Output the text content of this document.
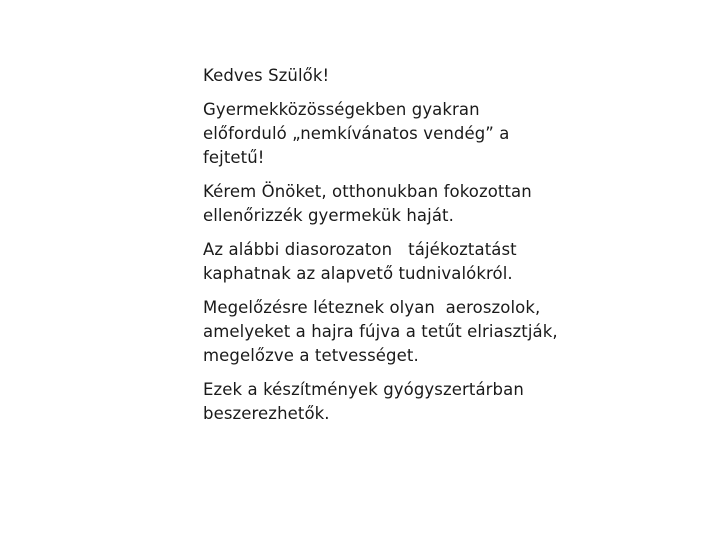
Kedves Szülők!

Gyermekközösségekben gyakran
előforduló „nemkívánatos vendég” a
fejtetű!

Kérem Önöket, otthonukban fokozottan
ellenőrizzék gyermekük haját.

Az alábbi diasorozaton   tájékoztatást
kaphatnak az alapvető tudnivalókról.

Megelőzésre léteznek olyan  aeroszolok,
amelyeket a hajra fújva a tetűt elriasztják,
megelőzve a tetvességet.

Ezek a készítmények gyógyszertárban
beszerezhetők.
